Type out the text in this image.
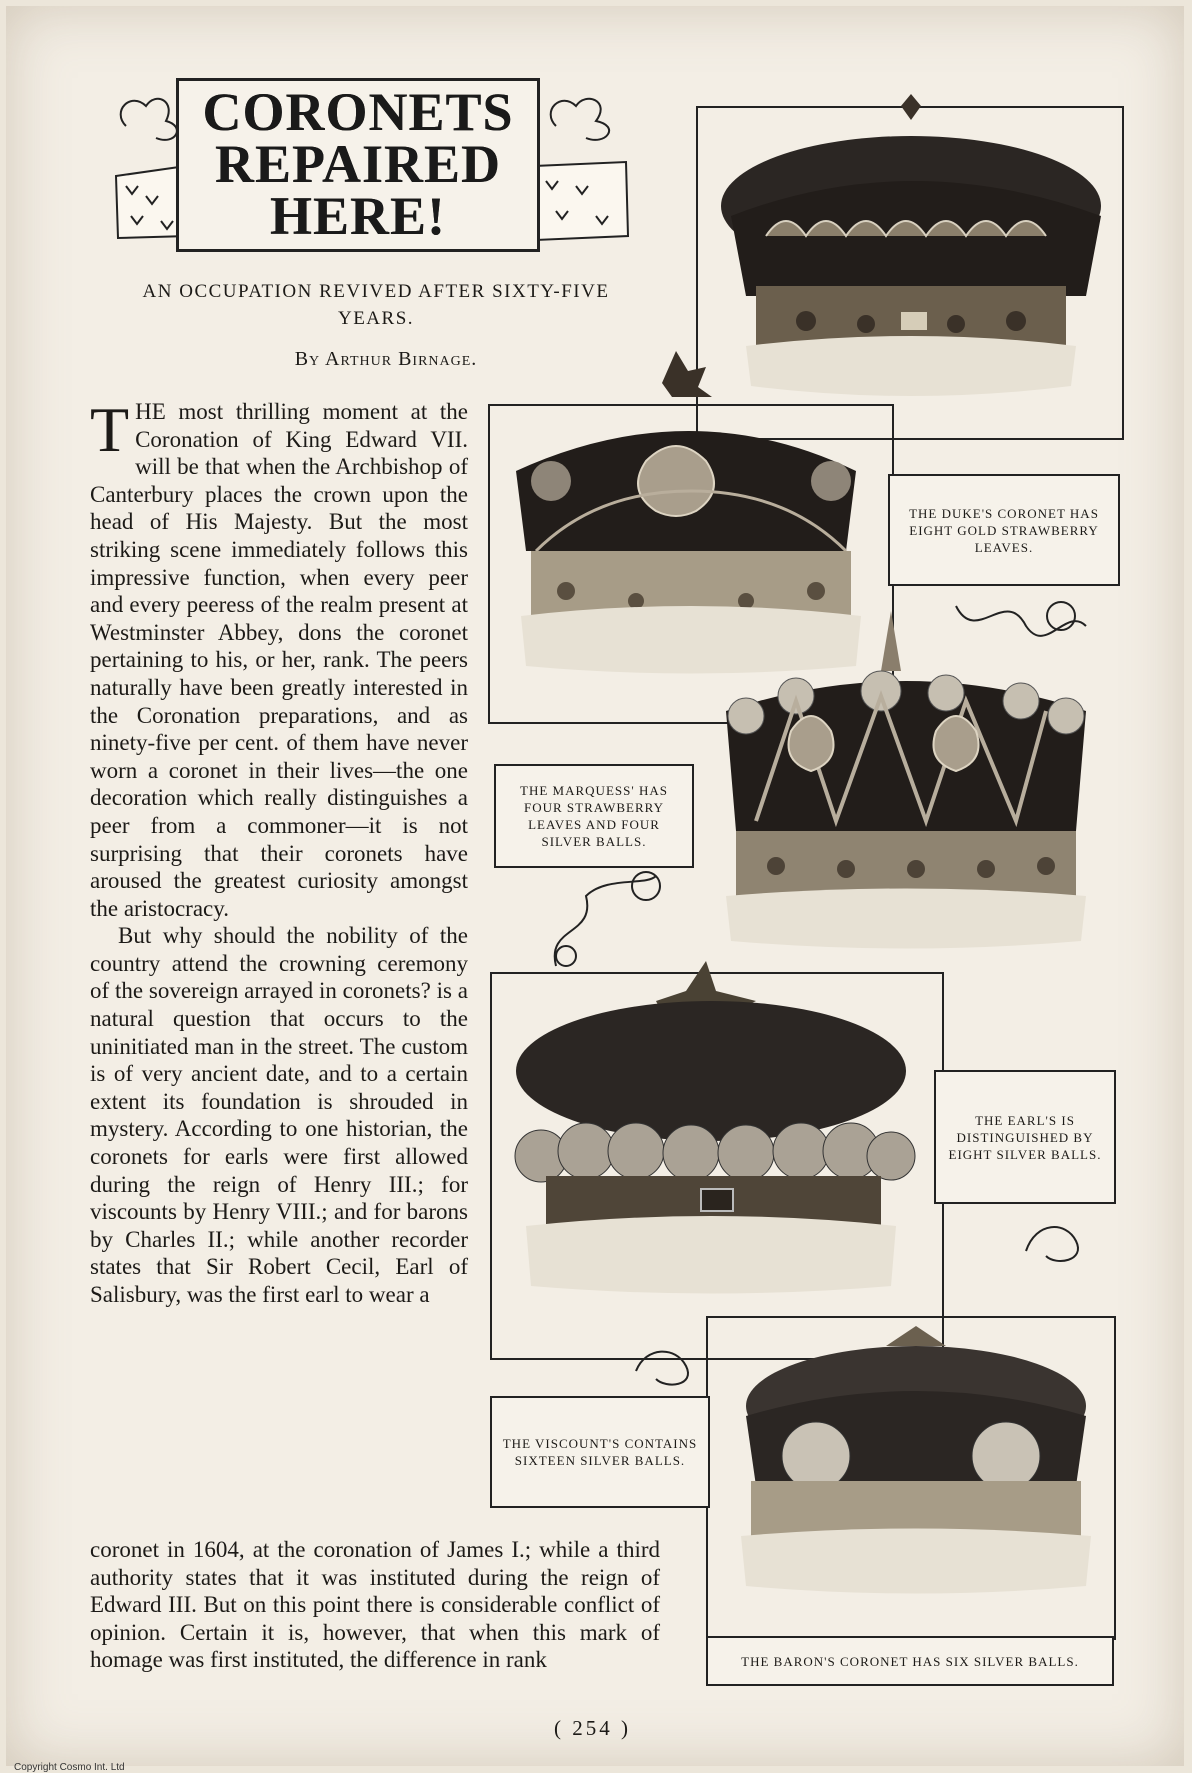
CORONETS
REPAIRED
HERE!
AN OCCUPATION REVIVED AFTER SIXTY-FIVE YEARS.
By Arthur Birnage.

THE most thrilling moment at the Coronation of King Edward VII. will be that when the Archbishop of Canterbury places the crown upon the head of His Majesty. But the most striking scene immediately follows this impressive function, when every peer and every peeress of the realm present at Westminster Abbey, dons the coronet pertaining to his, or her, rank. The peers naturally have been greatly interested in the Coronation preparations, and as ninety-five per cent. of them have never worn a coronet in their lives—the one decoration which really distinguishes a peer from a commoner—it is not surprising that their coronets have aroused the greatest curiosity amongst the aristocracy.

But why should the nobility of the country attend the crowning ceremony of the sovereign arrayed in coronets? is a natural question that occurs to the uninitiated man in the street. The custom is of very ancient date, and to a certain extent its foundation is shrouded in mystery. According to one historian, the coronets for earls were first allowed during the reign of Henry III.; for viscounts by Henry VIII.; and for barons by Charles II.; while another recorder states that Sir Robert Cecil, Earl of Salisbury, was the first earl to wear a

coronet in 1604, at the coronation of James I.; while a third authority states that it was instituted during the reign of Edward III. But on this point there is considerable conflict of opinion. Certain it is, however, that when this mark of homage was first instituted, the difference in rank

THE DUKE'S CORONET HAS EIGHT GOLD STRAWBERRY LEAVES.
THE MARQUESS' HAS FOUR STRAWBERRY LEAVES AND FOUR SILVER BALLS.
THE EARL'S IS DISTINGUISHED BY EIGHT SILVER BALLS.
THE VISCOUNT'S CONTAINS SIXTEEN SILVER BALLS.
THE BARON'S CORONET HAS SIX SILVER BALLS.
( 254 )
Copyright Cosmo Int. Ltd
